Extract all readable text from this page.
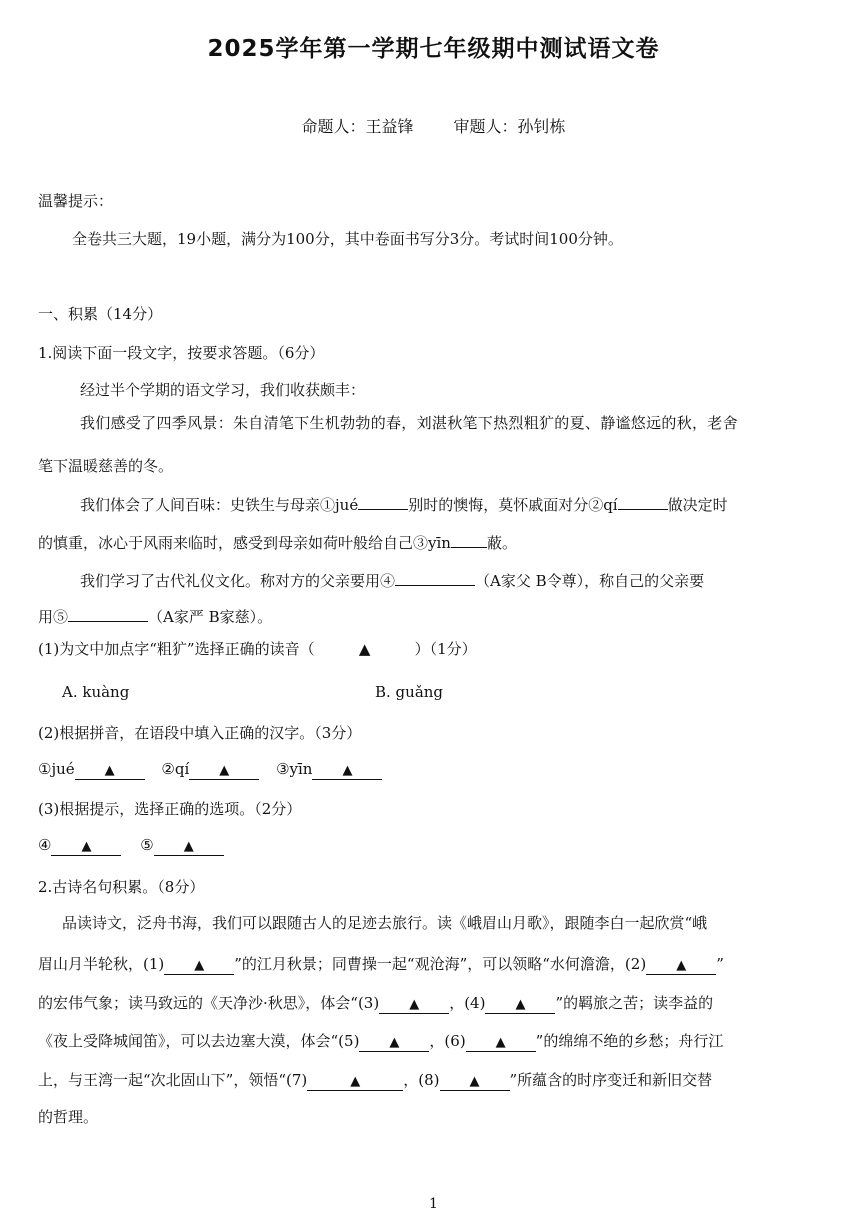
2025学年第一学期七年级期中测试语文卷
命题人：王益锋	审题人：孙钊栋
温馨提示：
全卷共三大题，19小题，满分为100分，其中卷面书写分3分。考试时间100分钟。
一、积累（14分）
1.阅读下面一段文字，按要求答题。（6分）
经过半个学期的语文学习，我们收获颇丰：
我们感受了四季风景：朱自清笔下生机勃勃的春，刘湛秋笔下热烈粗犷的夏、静谧悠远的秋，老舍
笔下温暖慈善的冬。
我们体会了人间百味：史铁生与母亲①jué	别时的懊悔，莫怀戚面对分②qí	做决定时
的慎重，冰心于风雨来临时，感受到母亲如荷叶般给自己③yīn 蔽。
我们学习了古代礼仪文化。称对方的父亲要用④	（A家父 B令尊），称自己的父亲要
用⑤	（A家严 B家慈）。
(1)为文中加点字“粗犷”选择正确的读音（	▲	）（1分）
A. kuàng	B. guǎng
(2)根据拼音，在语段中填入正确的汉字。（3分）
①jué ▲	②qí ▲	③yīn ▲
(3)根据提示，选择正确的选项。（2分）
④ ▲	⑤ ▲
2.古诗名句积累。（8分）
品读诗文，泛舟书海，我们可以跟随古人的足迹去旅行。读《峨眉山月歌》，跟随李白一起欣赏“峨
眉山月半轮秋，(1) ▲ ”的江月秋景；同曹操一起“观沧海”，可以领略“水何澹澹，(2) ▲ ”
的宏伟气象；读马致远的《天净沙·秋思》，体会“(3) ▲ ，(4) ▲ ”的羁旅之苦；读李益的
《夜上受降城闻笛》，可以去边塞大漠，体会“(5) ▲ ，(6) ▲ ”的绵绵不绝的乡愁；舟行江
上，与王湾一起“次北固山下”，领悟“(7)	▲	，(8) ▲ ”所蕴含的时序变迁和新旧交替
的哲理。
1
